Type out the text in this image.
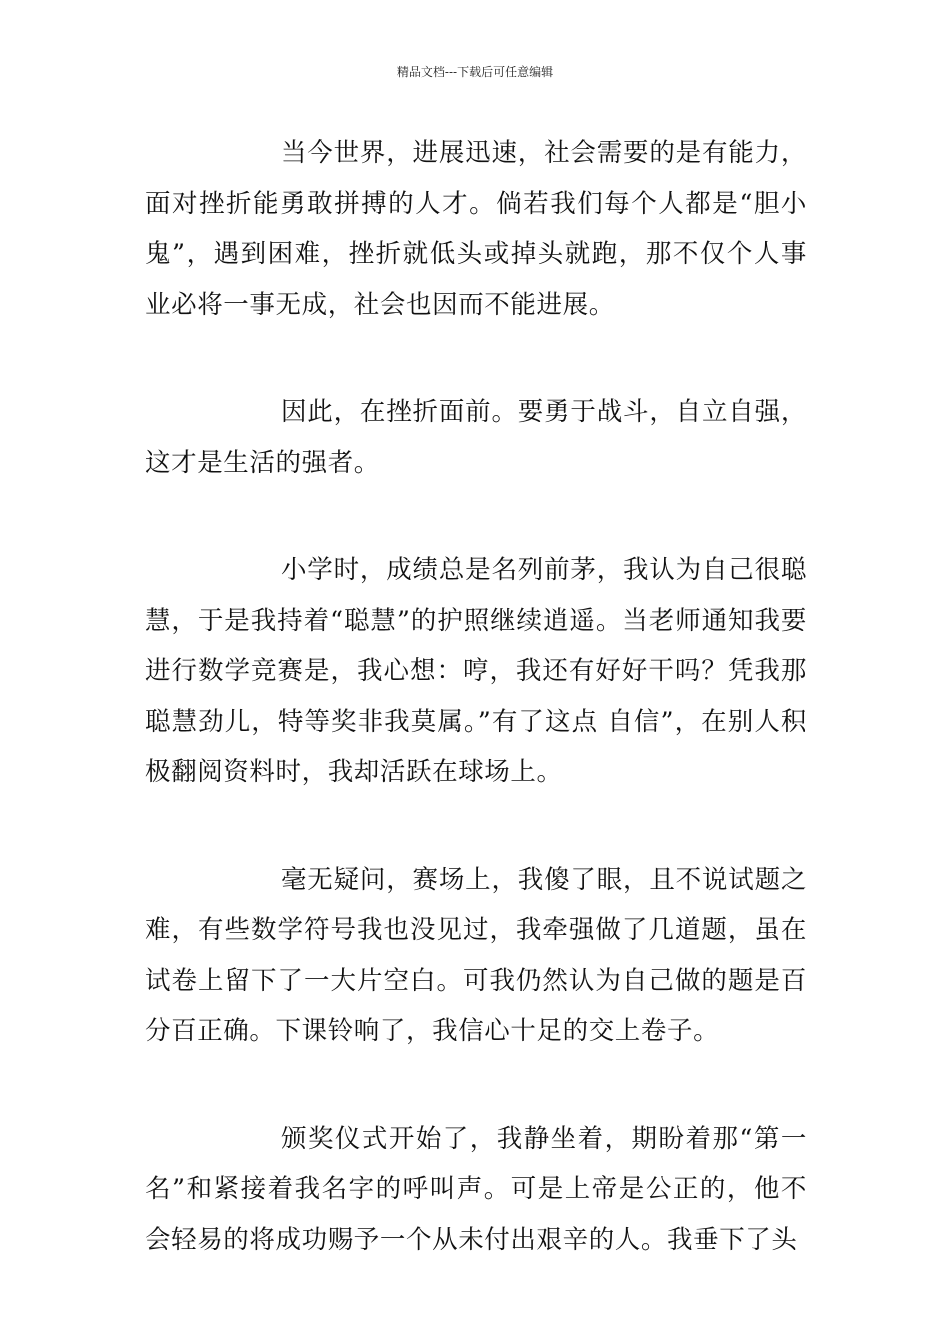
精品文档---下载后可任意编辑

当今世界，进展迅速，社会需要的是有能力，面对挫折能勇敢拼搏的人才。倘若我们每个人都是“胆小鬼”，遇到困难，挫折就低头或掉头就跑，那不仅个人事业必将一事无成，社会也因而不能进展。

因此，在挫折面前。要勇于战斗，自立自强，这才是生活的强者。

小学时，成绩总是名列前茅，我认为自己很聪慧，于是我持着“聪慧”的护照继续逍遥。当老师通知我要进行数学竞赛是，我心想：哼，我还有好好干吗？凭我那聪慧劲儿，特等奖非我莫属。”有了这点 自信”，在别人积极翻阅资料时，我却活跃在球场上。

毫无疑问，赛场上，我傻了眼，且不说试题之难，有些数学符号我也没见过，我牵强做了几道题，虽在试卷上留下了一大片空白。可我仍然认为自己做的题是百分百正确。下课铃响了，我信心十足的交上卷子。

颁奖仪式开始了，我静坐着，期盼着那“第一名”和紧接着我名字的呼叫声。可是上帝是公正的，他不会轻易的将成功赐予一个从未付出艰辛的人。我垂下了头
